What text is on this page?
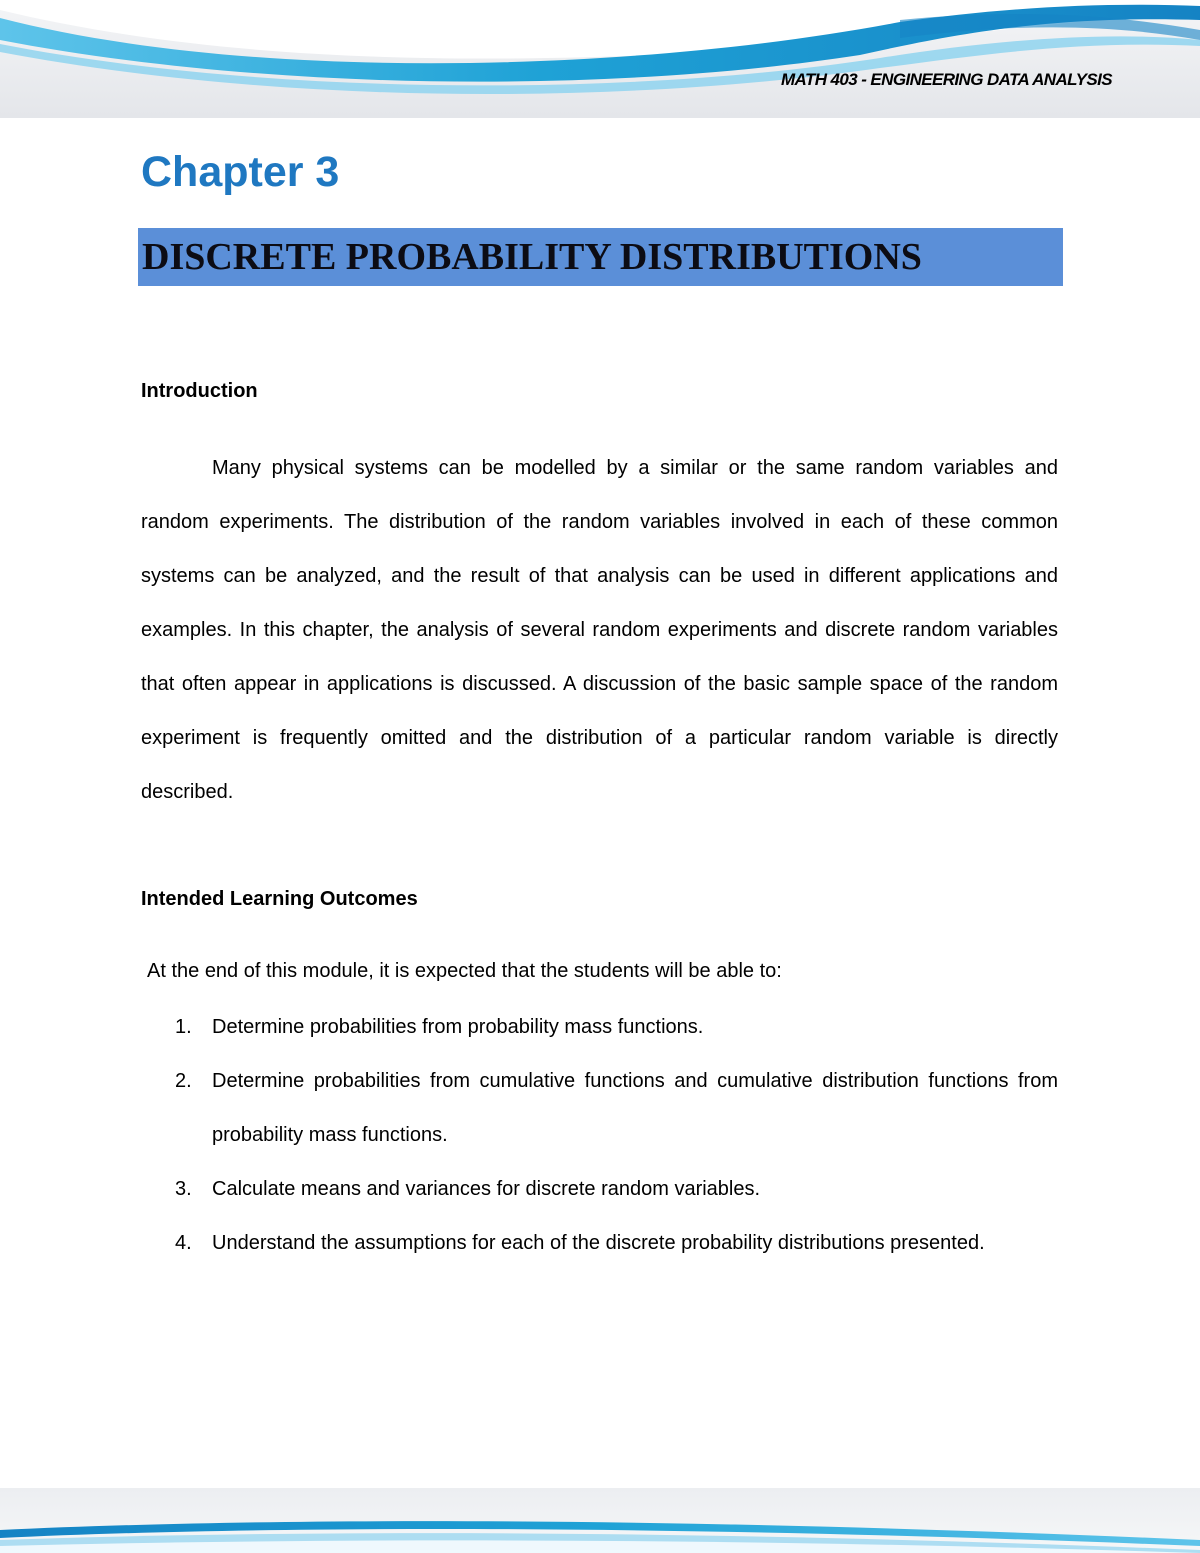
MATH 403 - ENGINEERING DATA ANALYSIS
Chapter 3
DISCRETE PROBABILITY DISTRIBUTIONS
Introduction

Many physical systems can be modelled by a similar or the same random variables and random experiments. The distribution of the random variables involved in each of these common systems can be analyzed, and the result of that analysis can be used in different applications and examples. In this chapter, the analysis of several random experiments and discrete random variables that often appear in applications is discussed. A discussion of the basic sample space of the random experiment is frequently omitted and the distribution of a particular random variable is directly described.

Intended Learning Outcomes
At the end of this module, it is expected that the students will be able to:
1. Determine probabilities from probability mass functions.
2. Determine probabilities from cumulative functions and cumulative distribution functions from probability mass functions.
3. Calculate means and variances for discrete random variables.
4. Understand the assumptions for each of the discrete probability distributions presented.
